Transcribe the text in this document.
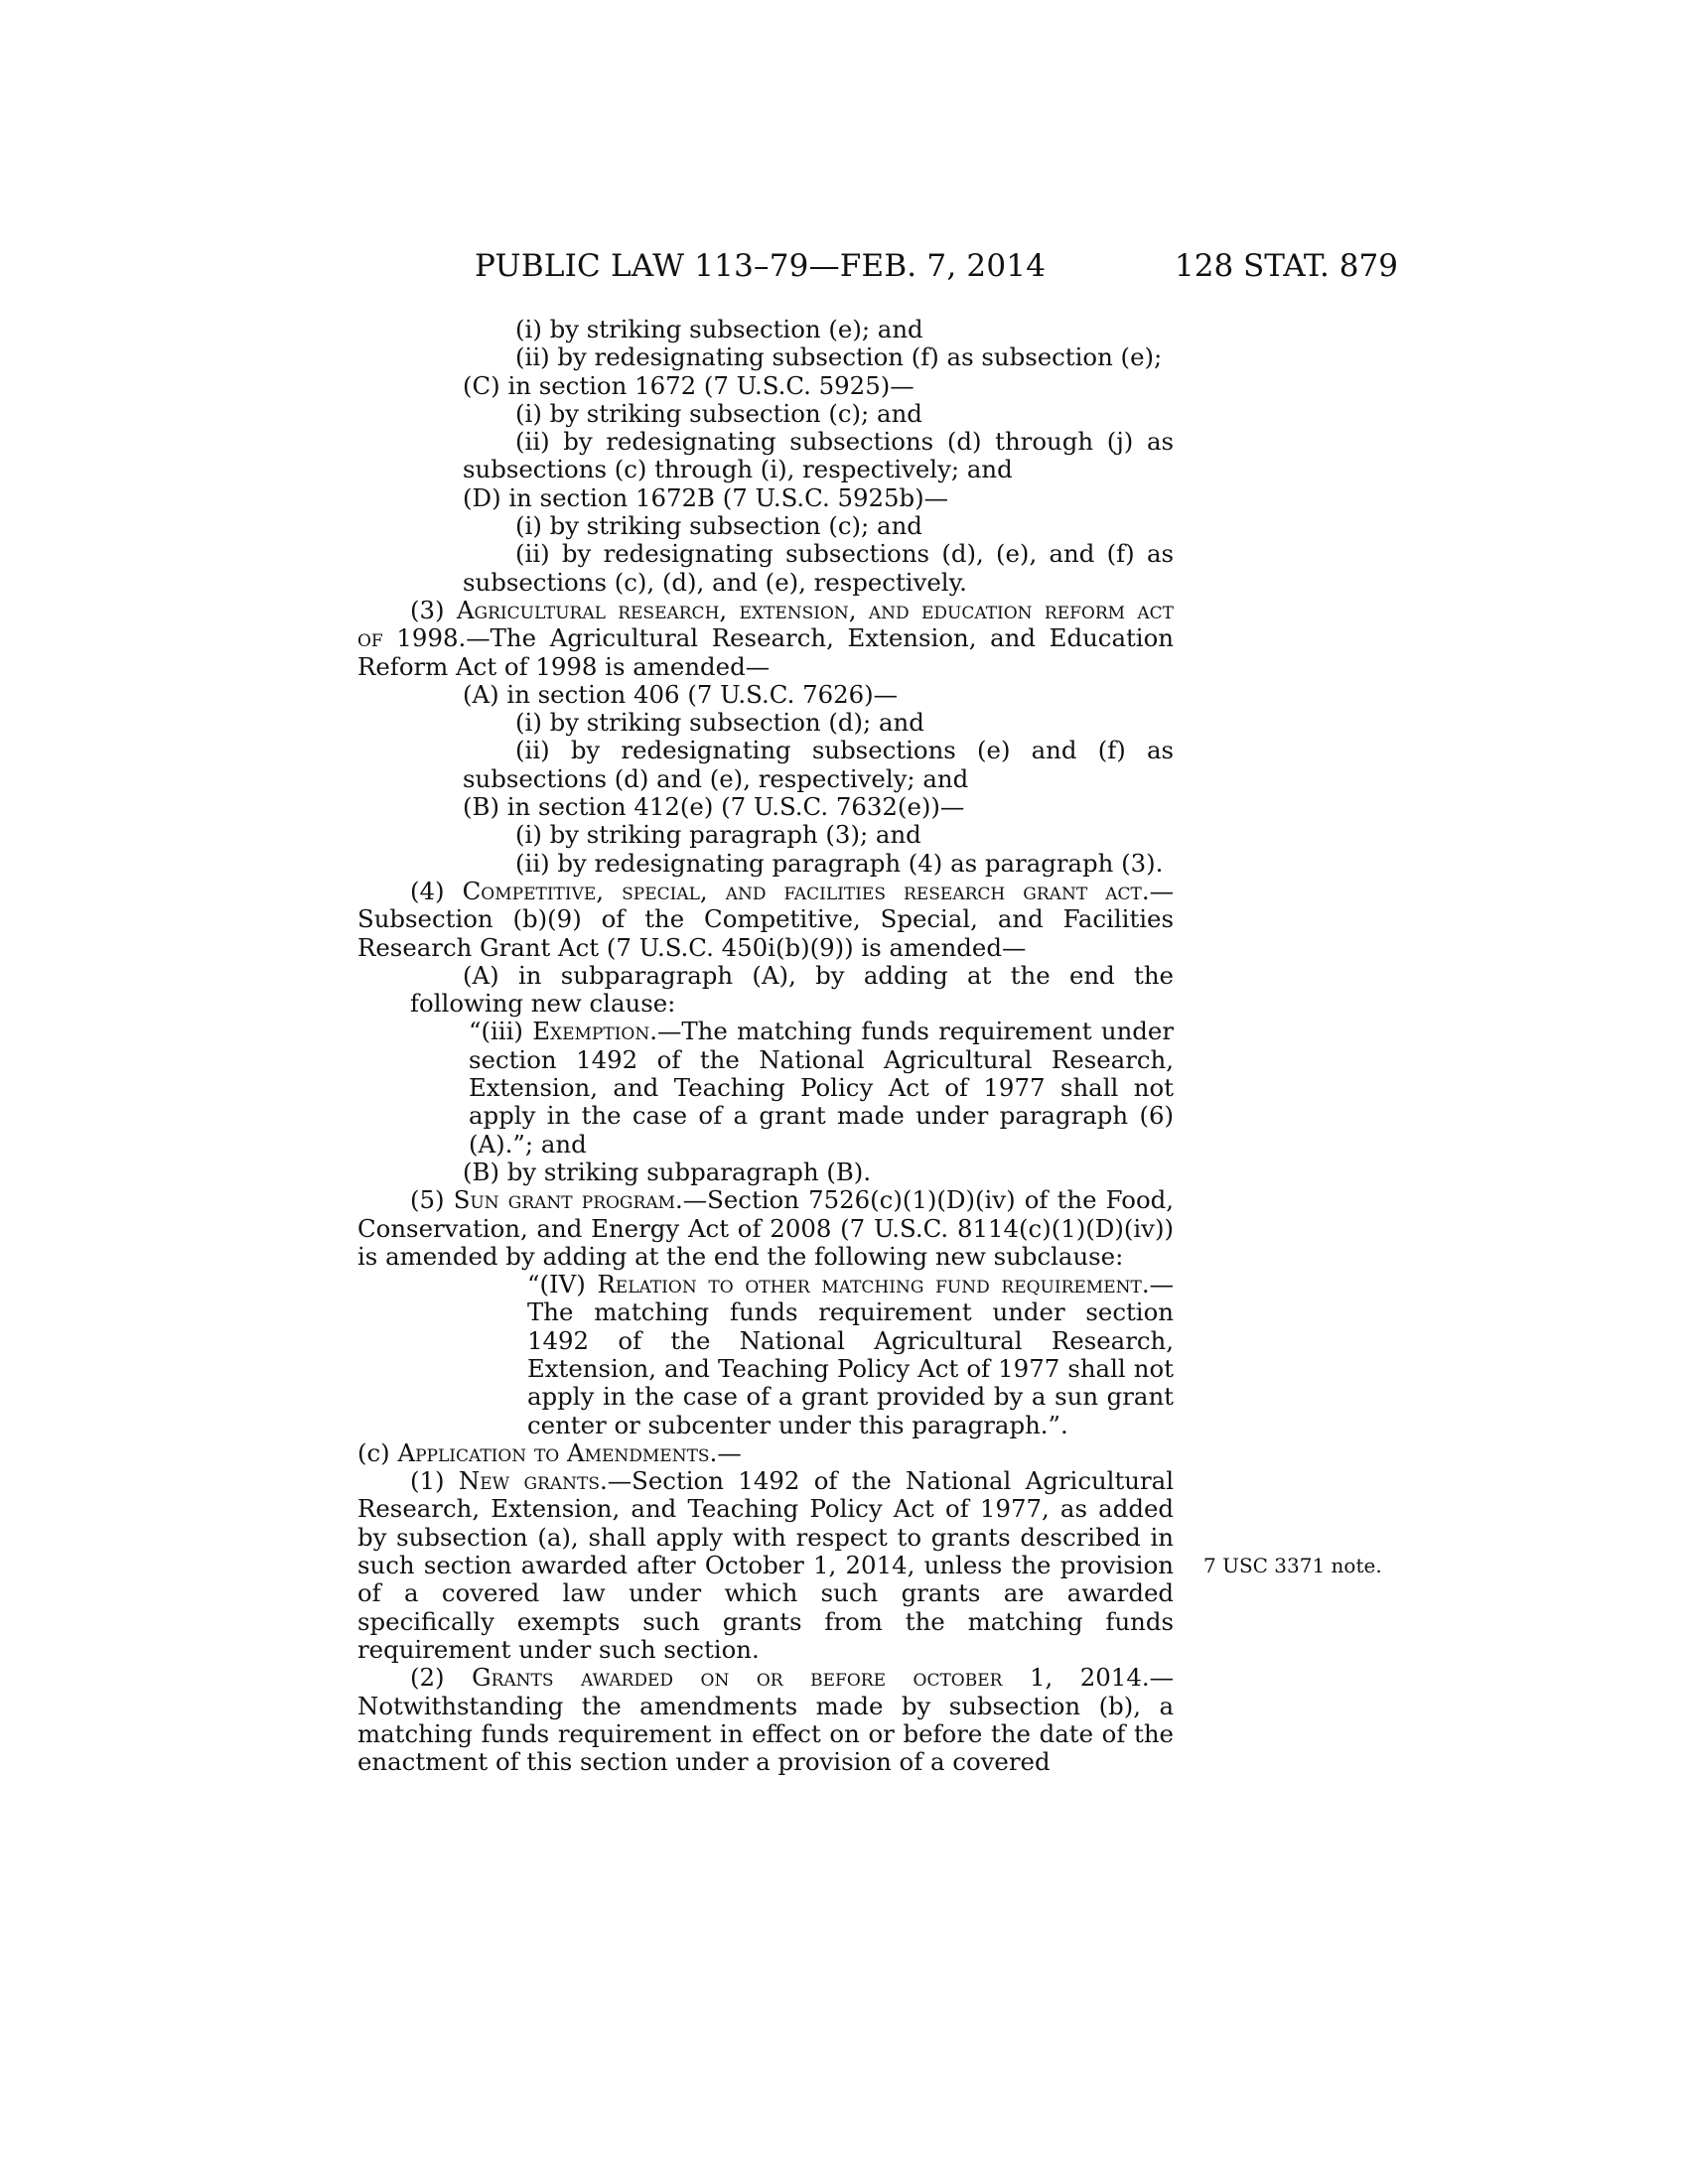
PUBLIC LAW 113–79—FEB. 7, 2014	128 STAT. 879
7 USC 3371 note.

(i) by striking subsection (e); and

(ii) by redesignating subsection (f) as subsection (e);

(C) in section 1672 (7 U.S.C. 5925)—

(i) by striking subsection (c); and

(ii) by redesignating subsections (d) through (j) as subsections (c) through (i), respectively; and

(D) in section 1672B (7 U.S.C. 5925b)—

(i) by striking subsection (c); and

(ii) by redesignating subsections (d), (e), and (f) as subsections (c), (d), and (e), respectively.

(3) Agricultural research, extension, and education reform act of 1998.—The Agricultural Research, Extension, and Education Reform Act of 1998 is amended—

(A) in section 406 (7 U.S.C. 7626)—

(i) by striking subsection (d); and

(ii) by redesignating subsections (e) and (f) as subsections (d) and (e), respectively; and

(B) in section 412(e) (7 U.S.C. 7632(e))—

(i) by striking paragraph (3); and

(ii) by redesignating paragraph (4) as paragraph (3).

(4) Competitive, special, and facilities research grant act.—Subsection (b)(9) of the Competitive, Special, and Facilities Research Grant Act (7 U.S.C. 450i(b)(9)) is amended—

(A) in subparagraph (A), by adding at the end the following new clause:

“(iii) Exemption.—The matching funds requirement under section 1492 of the National Agricultural Research, Extension, and Teaching Policy Act of 1977 shall not apply in the case of a grant made under paragraph (6)(A).”; and

(B) by striking subparagraph (B).

(5) Sun grant program.—Section 7526(c)(1)(D)(iv) of the Food, Conservation, and Energy Act of 2008 (7 U.S.C. 8114(c)(1)(D)(iv)) is amended by adding at the end the following new subclause:

“(IV) Relation to other matching fund requirement.—The matching funds requirement under section 1492 of the National Agricultural Research, Extension, and Teaching Policy Act of 1977 shall not apply in the case of a grant provided by a sun grant center or subcenter under this paragraph.”.

(c) Application to Amendments.—

(1) New grants.—Section 1492 of the National Agricultural Research, Extension, and Teaching Policy Act of 1977, as added by subsection (a), shall apply with respect to grants described in such section awarded after October 1, 2014, unless the provision of a covered law under which such grants are awarded specifically exempts such grants from the matching funds requirement under such section.

(2) Grants awarded on or before october 1, 2014.—Notwithstanding the amendments made by subsection (b), a matching funds requirement in effect on or before the date of the enactment of this section under a provision of a covered
